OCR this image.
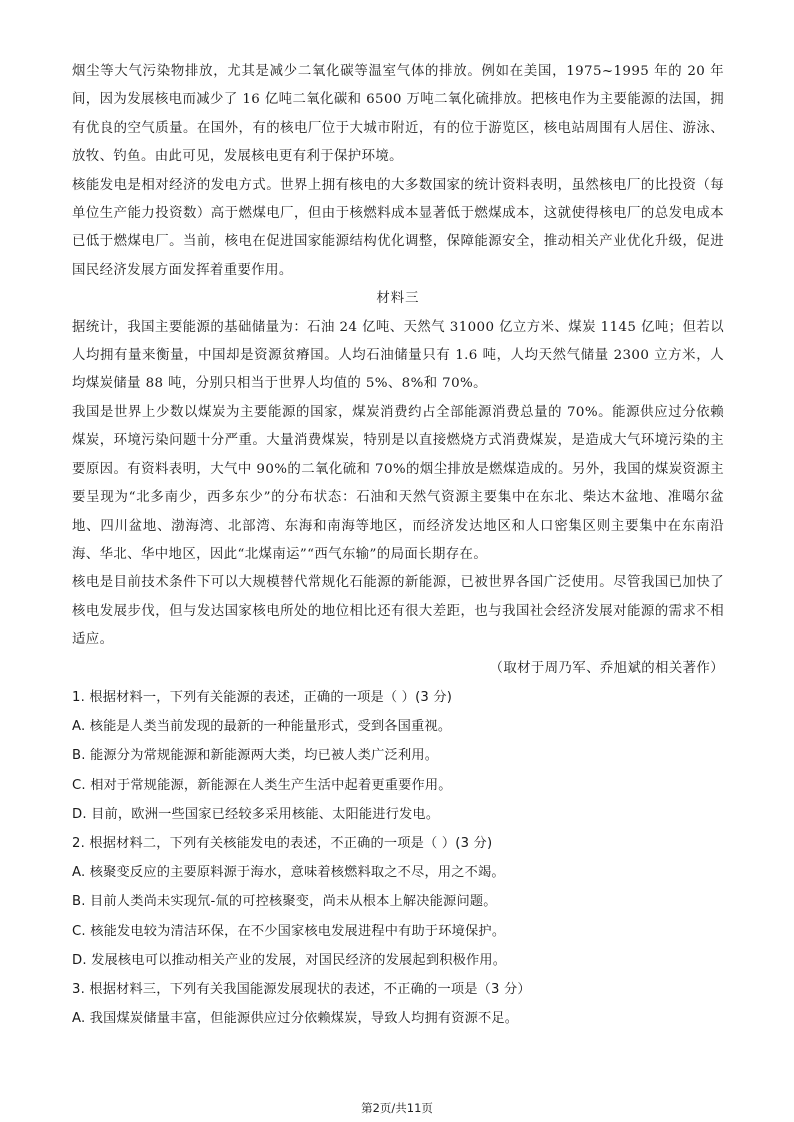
烟尘等大气污染物排放，尤其是减少二氧化碳等温室气体的排放。例如在美国，1975~1995 年的 20 年间，因为发展核电而减少了 16 亿吨二氧化碳和 6500 万吨二氧化硫排放。把核电作为主要能源的法国，拥有优良的空气质量。在国外，有的核电厂位于大城市附近，有的位于游览区，核电站周围有人居住、游泳、放牧、钓鱼。由此可见，发展核电更有利于保护环境。

核能发电是相对经济的发电方式。世界上拥有核电的大多数国家的统计资料表明，虽然核电厂的比投资（每单位生产能力投资数）高于燃煤电厂，但由于核燃料成本显著低于燃煤成本，这就使得核电厂的总发电成本已低于燃煤电厂。当前，核电在促进国家能源结构优化调整，保障能源安全，推动相关产业优化升级，促进国民经济发展方面发挥着重要作用。

材料三

据统计，我国主要能源的基础储量为：石油 24 亿吨、天然气 31000 亿立方米、煤炭 1145 亿吨；但若以人均拥有量来衡量，中国却是资源贫瘠国。人均石油储量只有 1.6 吨，人均天然气储量 2300 立方米，人均煤炭储量 88 吨，分别只相当于世界人均值的 5%、8%和 70%。

我国是世界上少数以煤炭为主要能源的国家，煤炭消费约占全部能源消费总量的 70%。能源供应过分依赖煤炭，环境污染问题十分严重。大量消费煤炭，特别是以直接燃烧方式消费煤炭，是造成大气环境污染的主要原因。有资料表明，大气中 90%的二氧化硫和 70%的烟尘排放是燃煤造成的。另外，我国的煤炭资源主要呈现为“北多南少，西多东少”的分布状态：石油和天然气资源主要集中在东北、柴达木盆地、准噶尔盆地、四川盆地、渤海湾、北部湾、东海和南海等地区，而经济发达地区和人口密集区则主要集中在东南沿海、华北、华中地区，因此“北煤南运”“西气东输”的局面长期存在。

核电是目前技术条件下可以大规模替代常规化石能源的新能源，已被世界各国广泛使用。尽管我国已加快了核电发展步伐，但与发达国家核电所处的地位相比还有很大差距，也与我国社会经济发展对能源的需求不相适应。

（取材于周乃军、乔旭斌的相关著作）

1. 根据材料一，下列有关能源的表述，正确的一项是（ ）(3 分)

A. 核能是人类当前发现的最新的一种能量形式，受到各国重视。

B. 能源分为常规能源和新能源两大类，均已被人类广泛利用。

C. 相对于常规能源，新能源在人类生产生活中起着更重要作用。

D. 目前，欧洲一些国家已经较多采用核能、太阳能进行发电。

2. 根据材料二，下列有关核能发电的表述，不正确的一项是（ ）(3 分)

A. 核聚变反应的主要原料源于海水，意味着核燃料取之不尽，用之不竭。

B. 目前人类尚未实现氘-氚的可控核聚变，尚未从根本上解决能源问题。

C. 核能发电较为清洁环保，在不少国家核电发展进程中有助于环境保护。

D. 发展核电可以推动相关产业的发展，对国民经济的发展起到积极作用。

3. 根据材料三，下列有关我国能源发展现状的表述，不正确的一项是（3 分）

A. 我国煤炭储量丰富，但能源供应过分依赖煤炭，导致人均拥有资源不足。

第2页/共11页
